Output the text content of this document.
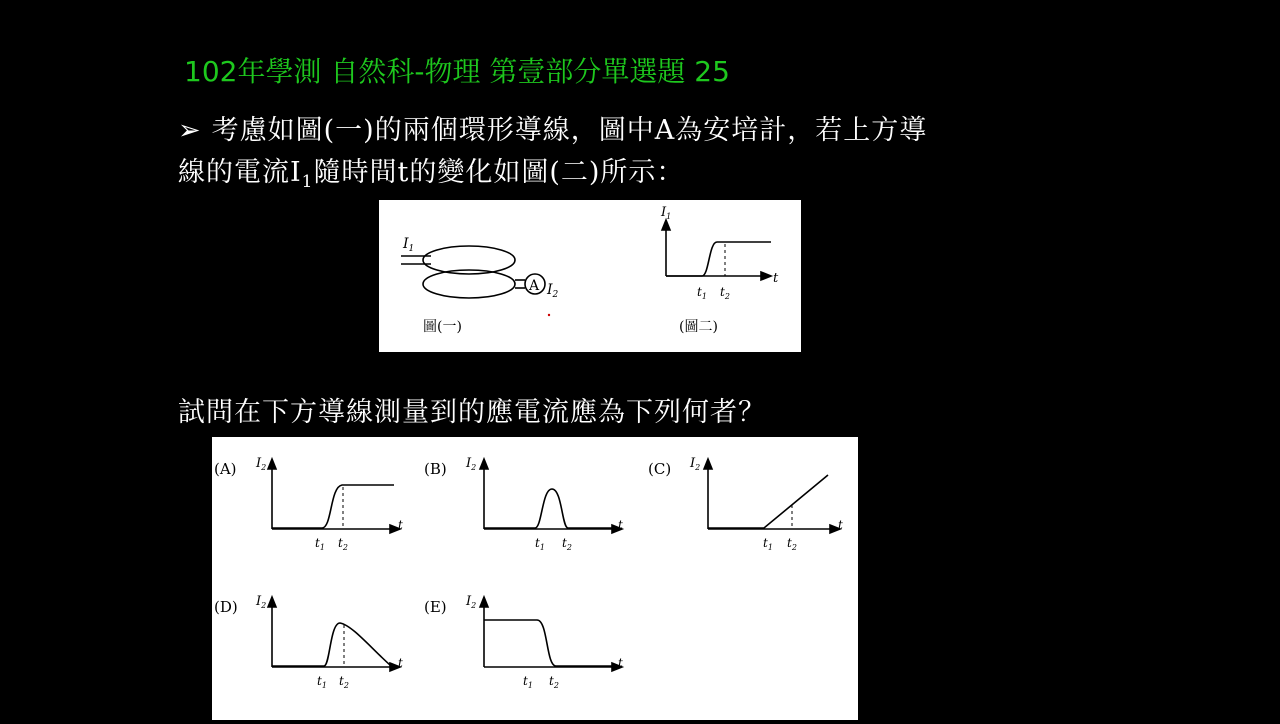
102年學測 自然科-物理 第壹部分單選題 25
➢ 考慮如圖(一)的兩個環形導線，圖中A為安培計，若上方導
線的電流$I_1$隨時間t的變化如圖(二)所示：
$I_1$
A $I_2$
圖(一)
$I_1$
t
$t_1$ $t_2$
(圖二)
試問在下方導線測量到的應電流應為下列何者？
(A) $I_2$
t
$t_1$ $t_2$
(B) $I_2$
t
$t_1$ $t_2$
(C) $I_2$
t
$t_1$ $t_2$
(D) $I_2$
t
$t_1$ $t_2$
(E) $I_2$
t
$t_1$ $t_2$
